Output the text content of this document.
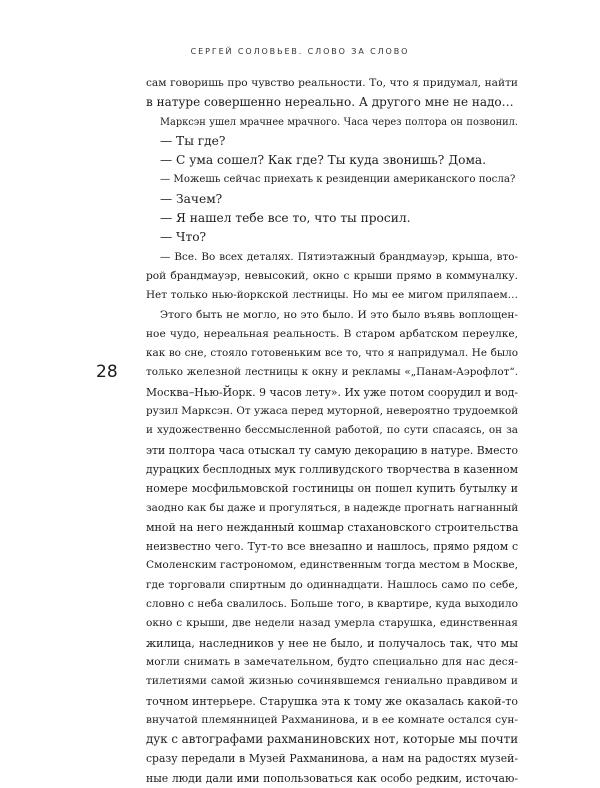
СЕРГЕЙ СОЛОВЬЕВ. СЛОВО ЗА СЛОВО
28
сам говоришь про чувство реальности. То, что я придумал, найти
в натуре совершенно нереально. А другого мне не надо…
Марксэн ушел мрачнее мрачного. Часа через полтора он позвонил.
— Ты где?
— С ума сошел? Как где? Ты куда звонишь? Дома.
— Можешь сейчас приехать к резиденции американского посла?
— Зачем?
— Я нашел тебе все то, что ты просил.
— Что?
— Все. Во всех деталях. Пятиэтажный брандмауэр, крыша, вто-
рой брандмауэр, невысокий, окно с крыши прямо в коммуналку.
Нет только нью-йоркской лестницы. Но мы ее мигом приляпаем…
Этого быть не могло, но это было. И это было въявь воплощен-
ное чудо, нереальная реальность. В старом арбатском переулке,
как во сне, стояло готовеньким все то, что я напридумал. Не было
только железной лестницы к окну и рекламы «„Панам-Аэрофлот“.
Москва–Нью-Йорк. 9 часов лету». Их уже потом соорудил и вод-
рузил Марксэн. От ужаса перед муторной, невероятно трудоемкой
и художественно бессмысленной работой, по сути спасаясь, он за
эти полтора часа отыскал ту самую декорацию в натуре. Вместо
дурацких бесплодных мук голливудского творчества в казенном
номере мосфильмовской гостиницы он пошел купить бутылку и
заодно как бы даже и прогуляться, в надежде прогнать нагнанный
мной на него нежданный кошмар стахановского строительства
неизвестно чего. Тут-то все внезапно и нашлось, прямо рядом с
Смоленским гастрономом, единственным тогда местом в Москве,
где торговали спиртным до одиннадцати. Нашлось само по себе,
словно с неба свалилось. Больше того, в квартире, куда выходило
окно с крыши, две недели назад умерла старушка, единственная
жилица, наследников у нее не было, и получалось так, что мы
могли снимать в замечательном, будто специально для нас деся-
тилетиями самой жизнью сочинявшемся гениально правдивом и
точном интерьере. Старушка эта к тому же оказалась какой-то
внучатой племянницей Рахманинова, и в ее комнате остался сун-
дук с автографами рахманиновских нот, которые мы почти
сразу передали в Музей Рахманинова, а нам на радостях музей-
ные люди дали ими попользоваться как особо редким, источаю-
